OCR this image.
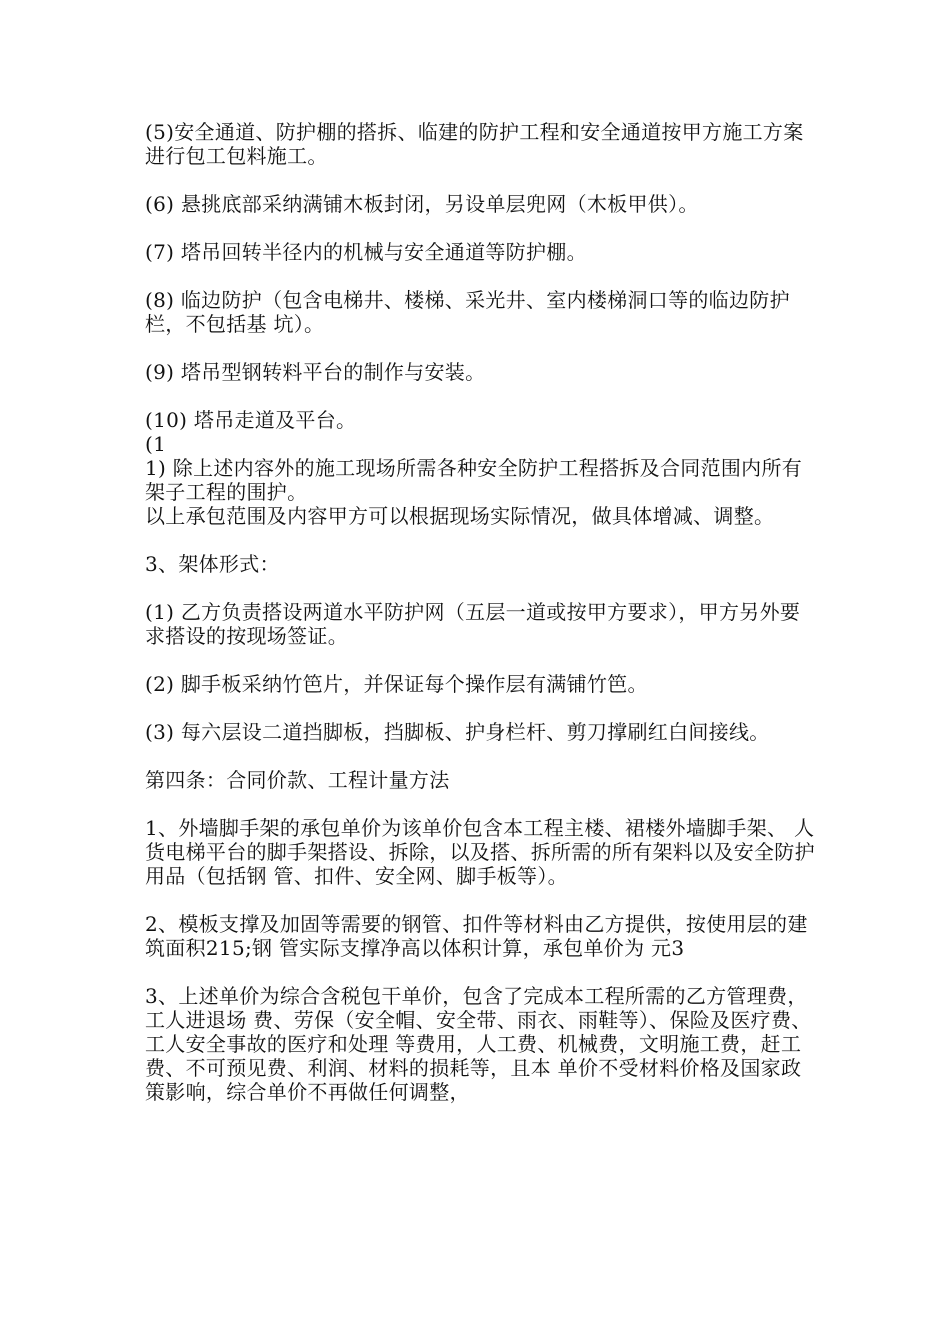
(5)安全通道、防护棚的搭拆、临建的防护工程和安全通道按甲方施工方案进行包工包料施工。

(6) 悬挑底部采纳满铺木板封闭，另设单层兜网（木板甲供）。

(7) 塔吊回转半径内的机械与安全通道等防护棚。

(8) 临边防护（包含电梯井、楼梯、采光井、室内楼梯洞口等的临边防护栏，不包括基 坑）。

(9) 塔吊型钢转料平台的制作与安装。

(10) 塔吊走道及平台。

(1

1) 除上述内容外的施工现场所需各种安全防护工程搭拆及合同范围内所有架子工程的围护。

以上承包范围及内容甲方可以根据现场实际情况，做具体增减、调整。

3、架体形式：

(1) 乙方负责搭设两道水平防护网（五层一道或按甲方要求），甲方另外要求搭设的按现场签证。

(2) 脚手板采纳竹笆片，并保证每个操作层有满铺竹笆。

(3) 每六层设二道挡脚板，挡脚板、护身栏杆、剪刀撑刷红白间接线。

第四条：合同价款、工程计量方法

1、外墙脚手架的承包单价为该单价包含本工程主楼、裙楼外墙脚手架、 人货电梯平台的脚手架搭设、拆除，以及搭、拆所需的所有架料以及安全防护用品（包括钢 管、扣件、安全网、脚手板等）。

2、模板支撑及加固等需要的钢管、扣件等材料由乙方提供，按使用层的建筑面积215;钢 管实际支撑净高以体积计算，承包单价为 元3

3、上述单价为综合含税包干单价，包含了完成本工程所需的乙方管理费，工人进退场 费、劳保（安全帽、安全带、雨衣、雨鞋等）、保险及医疗费、工人安全事故的医疗和处理 等费用，人工费、机械费，文明施工费，赶工费、不可预见费、利润、材料的损耗等，且本 单价不受材料价格及国家政策影响，综合单价不再做任何调整，
